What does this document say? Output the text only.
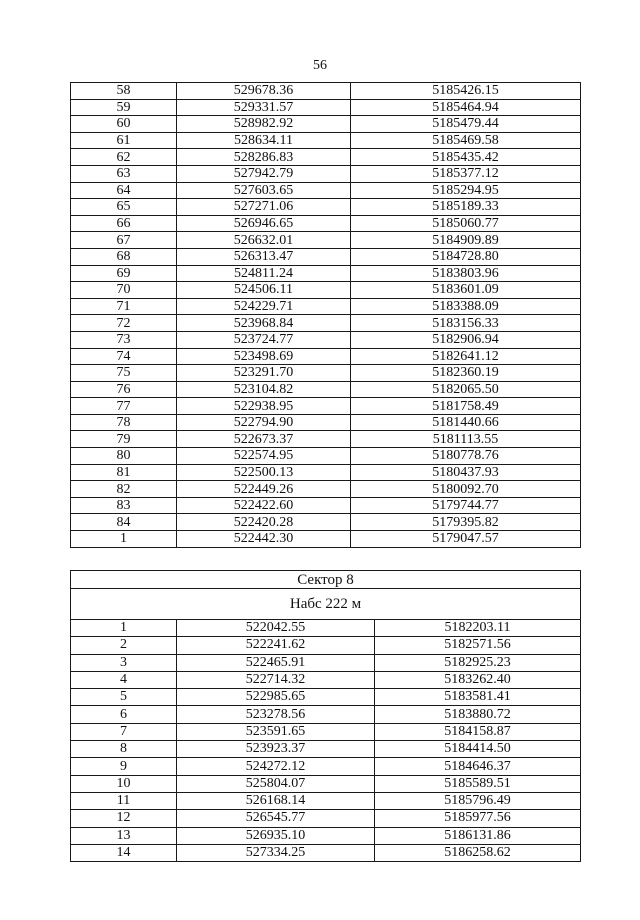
56
58	529678.36	5185426.15
59	529331.57	5185464.94
60	528982.92	5185479.44
61	528634.11	5185469.58
62	528286.83	5185435.42
63	527942.79	5185377.12
64	527603.65	5185294.95
65	527271.06	5185189.33
66	526946.65	5185060.77
67	526632.01	5184909.89
68	526313.47	5184728.80
69	524811.24	5183803.96
70	524506.11	5183601.09
71	524229.71	5183388.09
72	523968.84	5183156.33
73	523724.77	5182906.94
74	523498.69	5182641.12
75	523291.70	5182360.19
76	523104.82	5182065.50
77	522938.95	5181758.49
78	522794.90	5181440.66
79	522673.37	5181113.55
80	522574.95	5180778.76
81	522500.13	5180437.93
82	522449.26	5180092.70
83	522422.60	5179744.77
84	522420.28	5179395.82
1	522442.30	5179047.57
Сектор 8		
Набс 222 м		
1	522042.55	5182203.11
2	522241.62	5182571.56
3	522465.91	5182925.23
4	522714.32	5183262.40
5	522985.65	5183581.41
6	523278.56	5183880.72
7	523591.65	5184158.87
8	523923.37	5184414.50
9	524272.12	5184646.37
10	525804.07	5185589.51
11	526168.14	5185796.49
12	526545.77	5185977.56
13	526935.10	5186131.86
14	527334.25	5186258.62
